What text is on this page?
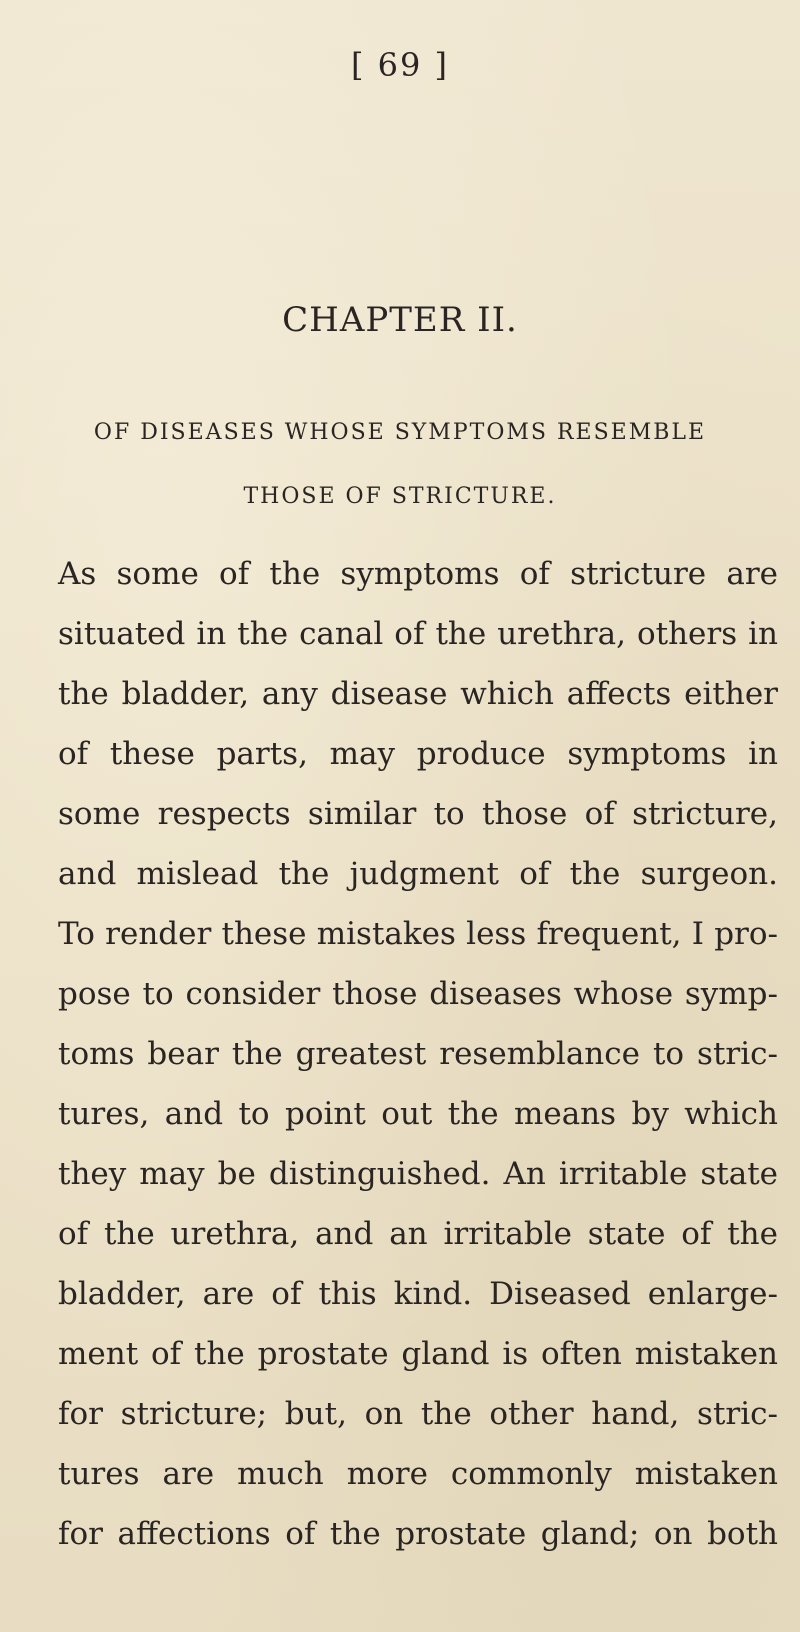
[ 69 ]
CHAPTER II.
OF DISEASES WHOSE SYMPTOMS RESEMBLE
THOSE OF STRICTURE.
As some of the symptoms of stricture are
situated in the canal of the urethra, others in
the bladder, any disease which affects either
of these parts, may produce symptoms in
some respects similar to those of stricture,
and mislead the judgment of the surgeon.
To render these mistakes less frequent, I pro-
pose to consider those diseases whose symp-
toms bear the greatest resemblance to stric-
tures, and to point out the means by which
they may be distinguished. An irritable state
of the urethra, and an irritable state of the
bladder, are of this kind. Diseased enlarge-
ment of the prostate gland is often mistaken
for stricture; but, on the other hand, stric-
tures are much more commonly mistaken
for affections of the prostate gland; on both
